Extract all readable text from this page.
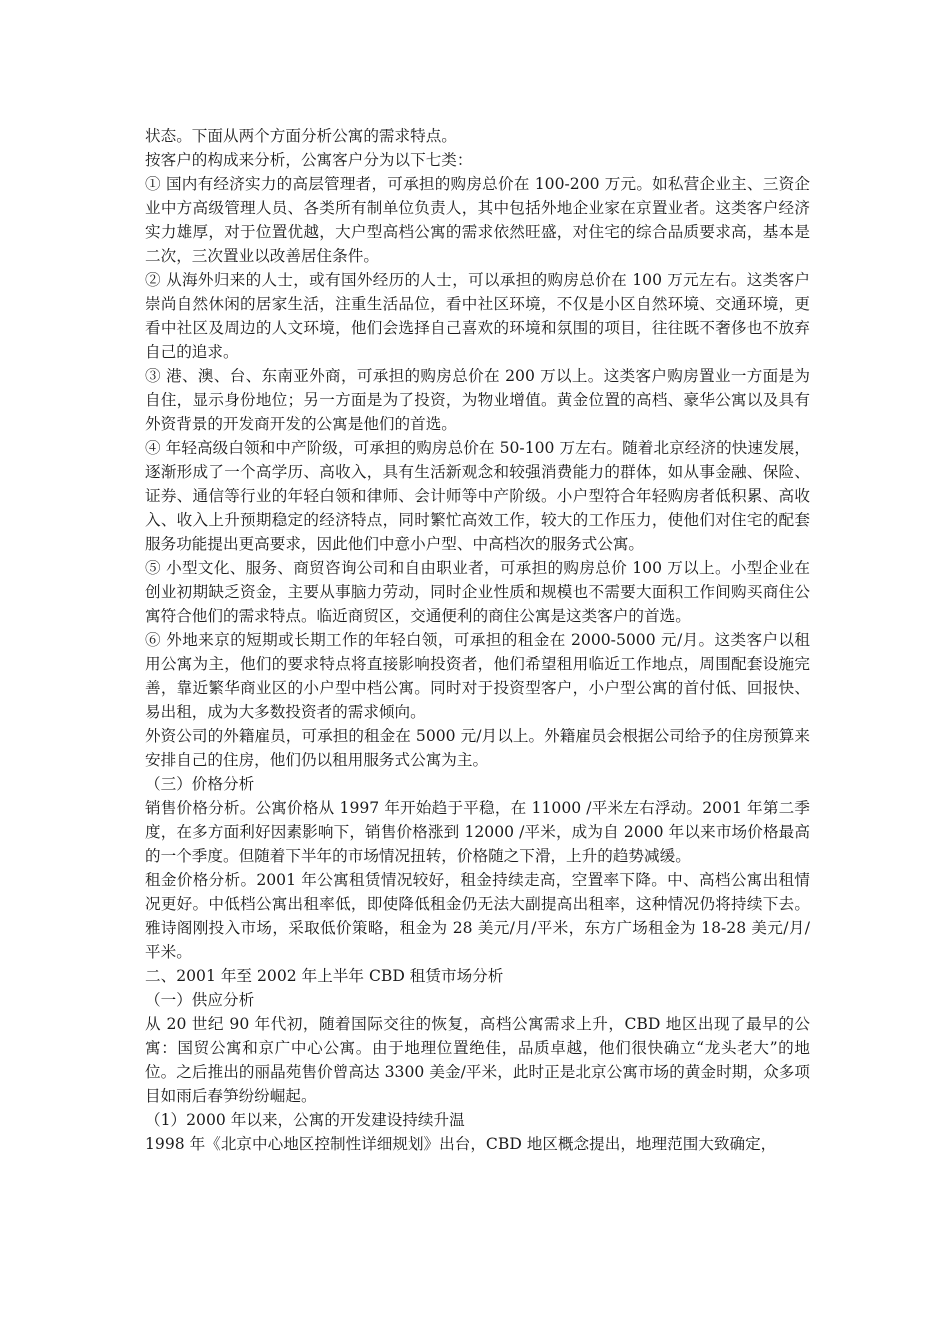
状态。下面从两个方面分析公寓的需求特点。

按客户的构成来分析，公寓客户分为以下七类：

① 国内有经济实力的高层管理者，可承担的购房总价在 100-200 万元。如私营企业主、三资企业中方高级管理人员、各类所有制单位负责人，其中包括外地企业家在京置业者。这类客户经济实力雄厚，对于位置优越，大户型高档公寓的需求依然旺盛，对住宅的综合品质要求高，基本是二次，三次置业以改善居住条件。

② 从海外归来的人士，或有国外经历的人士，可以承担的购房总价在 100 万元左右。这类客户崇尚自然休闲的居家生活，注重生活品位，看中社区环境，不仅是小区自然环境、交通环境，更看中社区及周边的人文环境，他们会选择自己喜欢的环境和氛围的项目，往往既不奢侈也不放弃自己的追求。

③ 港、澳、台、东南亚外商，可承担的购房总价在 200 万以上。这类客户购房置业一方面是为自住，显示身份地位；另一方面是为了投资，为物业增值。黄金位置的高档、豪华公寓以及具有外资背景的开发商开发的公寓是他们的首选。

④ 年轻高级白领和中产阶级，可承担的购房总价在 50-100 万左右。随着北京经济的快速发展，逐渐形成了一个高学历、高收入，具有生活新观念和较强消费能力的群体，如从事金融、保险、证券、通信等行业的年轻白领和律师、会计师等中产阶级。小户型符合年轻购房者低积累、高收入、收入上升预期稳定的经济特点，同时繁忙高效工作，较大的工作压力，使他们对住宅的配套服务功能提出更高要求，因此他们中意小户型、中高档次的服务式公寓。

⑤ 小型文化、服务、商贸咨询公司和自由职业者，可承担的购房总价 100 万以上。小型企业在创业初期缺乏资金，主要从事脑力劳动，同时企业性质和规模也不需要大面积工作间购买商住公寓符合他们的需求特点。临近商贸区，交通便利的商住公寓是这类客户的首选。

⑥ 外地来京的短期或长期工作的年轻白领，可承担的租金在 2000-5000 元/月。这类客户以租用公寓为主，他们的要求特点将直接影响投资者，他们希望租用临近工作地点，周围配套设施完善，靠近繁华商业区的小户型中档公寓。同时对于投资型客户，小户型公寓的首付低、回报快、易出租，成为大多数投资者的需求倾向。

外资公司的外籍雇员，可承担的租金在 5000 元/月以上。外籍雇员会根据公司给予的住房预算来安排自己的住房，他们仍以租用服务式公寓为主。

（三）价格分析

销售价格分析。公寓价格从 1997 年开始趋于平稳，在 11000 /平米左右浮动。2001 年第二季度，在多方面利好因素影响下，销售价格涨到 12000 /平米，成为自 2000 年以来市场价格最高的一个季度。但随着下半年的市场情况扭转，价格随之下滑，上升的趋势减缓。

租金价格分析。2001 年公寓租赁情况较好，租金持续走高，空置率下降。中、高档公寓出租情况更好。中低档公寓出租率低，即使降低租金仍无法大副提高出租率，这种情况仍将持续下去。雅诗阁刚投入市场，采取低价策略，租金为 28 美元/月/平米，东方广场租金为 18-28 美元/月/平米。

二、2001 年至 2002 年上半年 CBD 租赁市场分析

（一）供应分析

从 20 世纪 90 年代初，随着国际交往的恢复，高档公寓需求上升，CBD 地区出现了最早的公寓：国贸公寓和京广中心公寓。由于地理位置绝佳，品质卓越，他们很快确立“龙头老大”的地位。之后推出的丽晶苑售价曾高达 3300 美金/平米，此时正是北京公寓市场的黄金时期，众多项目如雨后春笋纷纷崛起。

（1）2000 年以来，公寓的开发建设持续升温

1998 年《北京中心地区控制性详细规划》出台，CBD 地区概念提出，地理范围大致确定，
